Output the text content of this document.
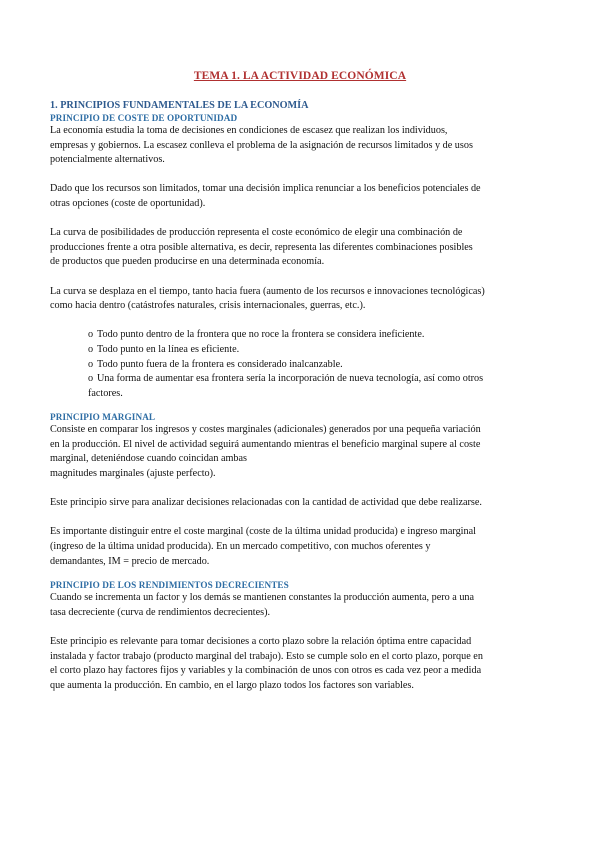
TEMA 1. LA ACTIVIDAD ECONÓMICA
1. PRINCIPIOS FUNDAMENTALES DE LA ECONOMÍA
PRINCIPIO DE COSTE DE OPORTUNIDAD

La economía estudia la toma de decisiones en condiciones de escasez que realizan los individuos,
empresas y gobiernos. La escasez conlleva el problema de la asignación de recursos limitados y de usos
potencialmente alternativos.

Dado que los recursos son limitados, tomar una decisión implica renunciar a los beneficios potenciales de
otras opciones (coste de oportunidad).

La curva de posibilidades de producción representa el coste económico de elegir una combinación de
producciones frente a otra posible alternativa, es decir, representa las diferentes combinaciones posibles
de productos que pueden producirse en una determinada economía.

La curva se desplaza en el tiempo, tanto hacia fuera (aumento de los recursos e innovaciones tecnológicas)
como hacia dentro (catástrofes naturales, crisis internacionales, guerras, etc.).

o Todo punto dentro de la frontera que no roce la frontera se considera ineficiente.
o Todo punto en la línea es eficiente.
o Todo punto fuera de la frontera es considerado inalcanzable.
o Una forma de aumentar esa frontera sería la incorporación de nueva tecnología, así como otros
factores.
PRINCIPIO MARGINAL

Consiste en comparar los ingresos y costes marginales (adicionales) generados por una pequeña variación
en la producción. El nivel de actividad seguirá aumentando mientras el beneficio marginal supere al coste
marginal, deteniéndose cuando coincidan ambas
magnitudes marginales (ajuste perfecto).

Este principio sirve para analizar decisiones relacionadas con la cantidad de actividad que debe realizarse.

Es importante distinguir entre el coste marginal (coste de la última unidad producida) e ingreso marginal
(ingreso de la última unidad producida). En un mercado competitivo, con muchos oferentes y
demandantes, IM = precio de mercado.

PRINCIPIO DE LOS RENDIMIENTOS DECRECIENTES

Cuando se incrementa un factor y los demás se mantienen constantes la producción aumenta, pero a una
tasa decreciente (curva de rendimientos decrecientes).

Este principio es relevante para tomar decisiones a corto plazo sobre la relación óptima entre capacidad
instalada y factor trabajo (producto marginal del trabajo). Esto se cumple solo en el corto plazo, porque en
el corto plazo hay factores fijos y variables y la combinación de unos con otros es cada vez peor a medida
que aumenta la producción. En cambio, en el largo plazo todos los factores son variables.
